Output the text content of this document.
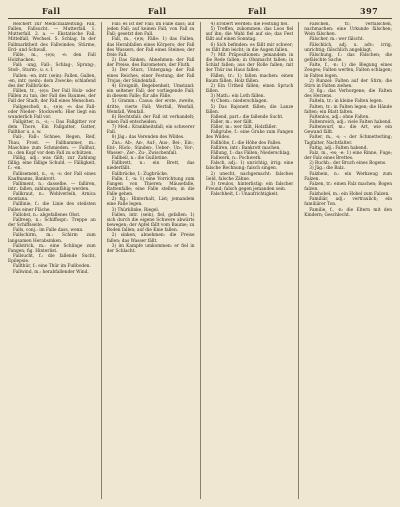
Fall	Fall	Fall	397
Reichert zur Medicinalzeitung: Fall, Fallen, Fallsucht. — Mutterfall. 1. Mutterfall. 2. a. — Ekstatische Fall, Mittelfall, Wechsel. S. Schlag. In der Fallmarktheit des Fallwindes; Stürme, Erd- und Schwall.
Fälle, m., -(e)s; -e: den Fall Holzhacken.
Fall: -ung, Fall-, Schlag-, Sprung-, Stoß-, Sturm-, u. s. f.
Fallen: -en, intr. (sein): Fallen, Gallen, -en, intr. (sein): dem Zwecke; schlafend des der Fallbrücke.
Fällen, tr., -(e)s: Der Fall Holz- oder Fällen zu tun, der Fall des Baumes, der Fall der Stadt; der Fall eines Menschen.
Fallgeschoß, n., -(e)s; -e: das Fall- oder Nieder- Stockwerk: Hier liegt ein wunderlich Fall vor.
Fallgitter, n., -s; -: Das Fallgitter vor dem Thore, Ein Fallgatter, Gatter, Fallthor u. s. w.
Fall-, Fall-: Schnee, Regen, Reif, Thau, Frost. — Fallhammer, m.: Maschine zum Schmieden. — Fallhut, m.: den Kopf vor dem Fall zu schützen.
Fällig, adj.: was fällt; zur Zahlung fällig; eine fällige Schuld. — Fälligkeit, f.: -en.
Fallisement, n., -s; -s: der Fall eines Kaufmanns, Bankrott.
Falliment, n.: dasselbe. — falliren, intr.: fallen, zahlungsunfähig werden.
Fallkraut, n.: Wohlverleih, Arnica montana.
Falllinie, f.: die Linie des steilsten Falles einer Fläche.
Fallobst, n.: abgefallenes Obst.
Fallreep, n.: Schiffsspr.: Treppe an der Schiffsseite.
Falls, conj.: im Falle dass, wenn.
Fallschirm, m.: Schirm zum langsamen Herabsinken.
Fallstrick, m.: eine Schlinge zum Fangen; fig. Hinterlist.
Fallsucht, f.: die fallende Sucht, Epilepsie.
Fallthür, f.: eine Thür im Fußboden.
Fallwind, m.: herabfallender Wind.
Fall: es ist der Fall; im Falle dass; auf jeden Fall; auf keinen Fall; von Fall zu Fall; gesetzt den Fall.
Fall, m., -(e)s; Fälle: 1) das Fallen, das Herabfallen eines Körpers; der Fall des Wassers, der Fall eines Steines; der freie Fall.
2) Das Sinken, Abnehmen: der Fall der Preise, des Barometers, der Fluth.
3) Der Sturz, Untergang: der Fall eines Reiches, einer Festung; der Fall Trojas; der Sündenfall.
4) Ereigniß, Begebenheit, Umstand: ein seltener Fall; der vorliegende Fall; in diesem Falle; für alle Fälle.
5) Gramm.: Casus: der erste, zweite, dritte, vierte Fall; Werfall, Wesfall, Wemfall, Wenfall.
6) Rechtsfall: der Fall ist verhandelt; einen Fall entscheiden.
7) Med.: Krankheitsfall; ein schwerer Fall.
8) Jäg.: das Verenden des Wildes.
Zus.: Ab-, An-, Auf-, Aus-, Bei-, Ein-, Ent-, Rück-, Sünden-, Ueber-, Un-, Vor-, Wasser-, Zer-, Zu-, Zwischenfall.
Fallbeil, n.: die Guillotine.
Fallbrett, n.: ein Brett, das niederfällt.
Fallbrücke, f.: Zugbrücke.
Falle, f., -n: 1) eine Vorrichtung zum Fangen von Thieren; Mäusefalle, Rattenfalle; eine Falle stellen; in die Falle gehen.
2) fig.: Hinterhalt, List; jemandem eine Falle legen.
3) Thürklinke, Riegel.
Fallen, intr. (sein), fiel, gefallen: 1) sich durch die eigene Schwere abwärts bewegen; der Apfel fällt vom Baume; zu Boden fallen; auf die Knie fallen.
2) sinken, abnehmen: die Preise fallen; das Wasser fällt.
3) im Kampfe umkommen: er fiel in der Schlacht.
4) Erobert werden: die Festung fiel.
5) Treffen, zukommen: das Loos fiel auf ihn; die Wahl fiel auf sie; das Fest fällt auf einen Sonntag.
6) Sich befinden: es fällt mir schwer; es fällt ihm leicht; in die Augen fallen.
7) Mit Präpositionen: jemandem in die Rede fallen; in Ohnmacht fallen; in Schlaf fallen; aus der Rolle fallen; mit der Thür ins Haus fallen.
Fällen, tr.: 1) fallen machen: einen Baum fällen, Holz fällen.
2) Ein Urtheil fällen; einen Spruch fällen.
3) Math.: ein Loth fällen.
4) Chem.: niederschlagen.
5) Das Bajonett fällen; die Lanze fällen.
Fallend, part.: die fallende Sucht.
Faller, m.: wer fällt.
Fäller, m.: wer fällt, Holzfäller.
Fallgrube, f.: eine Grube zum Fangen des Wildes.
Fallhöhe, f.: die Höhe des Falles.
Falliren, intr.: Bankrott machen.
Fällung, f.: das Fällen; Niederschlag.
Fallwerk, n.: Pochwerk.
Falsch, adj.: 1) unrichtig, irrig: eine falsche Rechnung; falsch singen.
2) unecht, nachgemacht: falsches Geld, falsche Zähne.
3) treulos, hinterlistig: ein falscher Freund; falsch gegen jemanden sein.
Falschheit, f.: Unaufrichtigkeit.
Fälschen, tr.: verfälschen, nachmachen: eine Urkunde fälschen; Wein fälschen.
Fälscher, m.: wer fälscht.
Fälschlich, adj. u. adv.: irrig, unrichtig; fälschlich angeklagt.
Fälschung, f.: das Fälschen; die gefälschte Sache.
Falte, f., -n: 1) die Biegung eines Zeuges; Falten werfen, Falten schlagen; in Falten legen.
2) Runzel: Falten auf der Stirn; die Stirn in Falten ziehen.
3) fig.: das Verborgene; die Falten des Herzens.
Falteln, tr.: in kleine Falten legen.
Falten, tr.: in Falten legen; die Hände falten; ein Blatt falten.
Faltenlos, adj.: ohne Falten.
Faltenreich, adj.: viele Falten habend.
Faltenwurf, m.: die Art, wie ein Gewand fällt.
Falter, m., -s; -: der Schmetterling; Tagfalter, Nachtfalter.
Faltig, adj.: Falten habend.
Falz, m., -es; -e: 1) eine Rinne, Fuge; der Falz eines Brettes.
2) Buchb.: der Bruch eines Bogens.
3) Jäg.: die Balz.
Falzbein, n.: ein Werkzeug zum Falzen.
Falzen, tr.: einen Falz machen; Bogen falzen.
Falzhobel, m.: ein Hobel zum Falzen.
Familiär, adj.: vertraulich; ein familiärer Ton.
Familie, f., -n: die Eltern mit den Kindern; Geschlecht.
